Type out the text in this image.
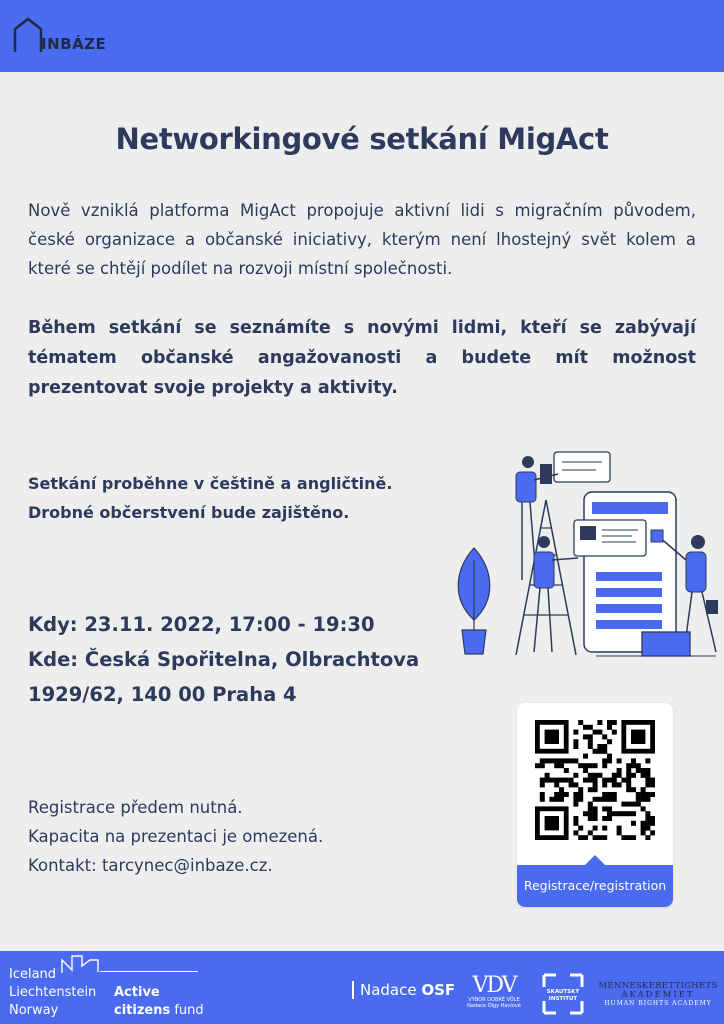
INBÁZE
Networkingové setkání MigAct

Nově vzniklá platforma MigAct propojuje aktivní lidi s migračním původem, české organizace a občanské iniciativy, kterým není lhostejný svět kolem a které se chtějí podílet na rozvoji místní společnosti.

Během setkání se seznámíte s novými lidmi, kteří se zabývají tématem občanské angažovanosti a budete mít možnost prezentovat svoje projekty a aktivity.

Setkání proběhne v češtině a angličtině.
Drobné občerstvení bude zajištěno.
Kdy: 23.11. 2022, 17:00 - 19:30
Kde: Česká Spořitelna, Olbrachtova 1929/62, 140 00 Praha 4
Registrace předem nutná.
Kapacita na prezentaci je omezená.
Kontakt: tarcynec@inbaze.cz.
Registrace/registration
Iceland
Liechtenstein
Norway
Active
citizens fund
Nadace OSF VDV
VÝBOR DOBRÉ VŮLE
Nadace Olgy Havlové
SKAUTSKÝ
INSTITUT
MENNESKERETTIGHETS
AKADEMIET
HUMAN RIGHTS ACADEMY
